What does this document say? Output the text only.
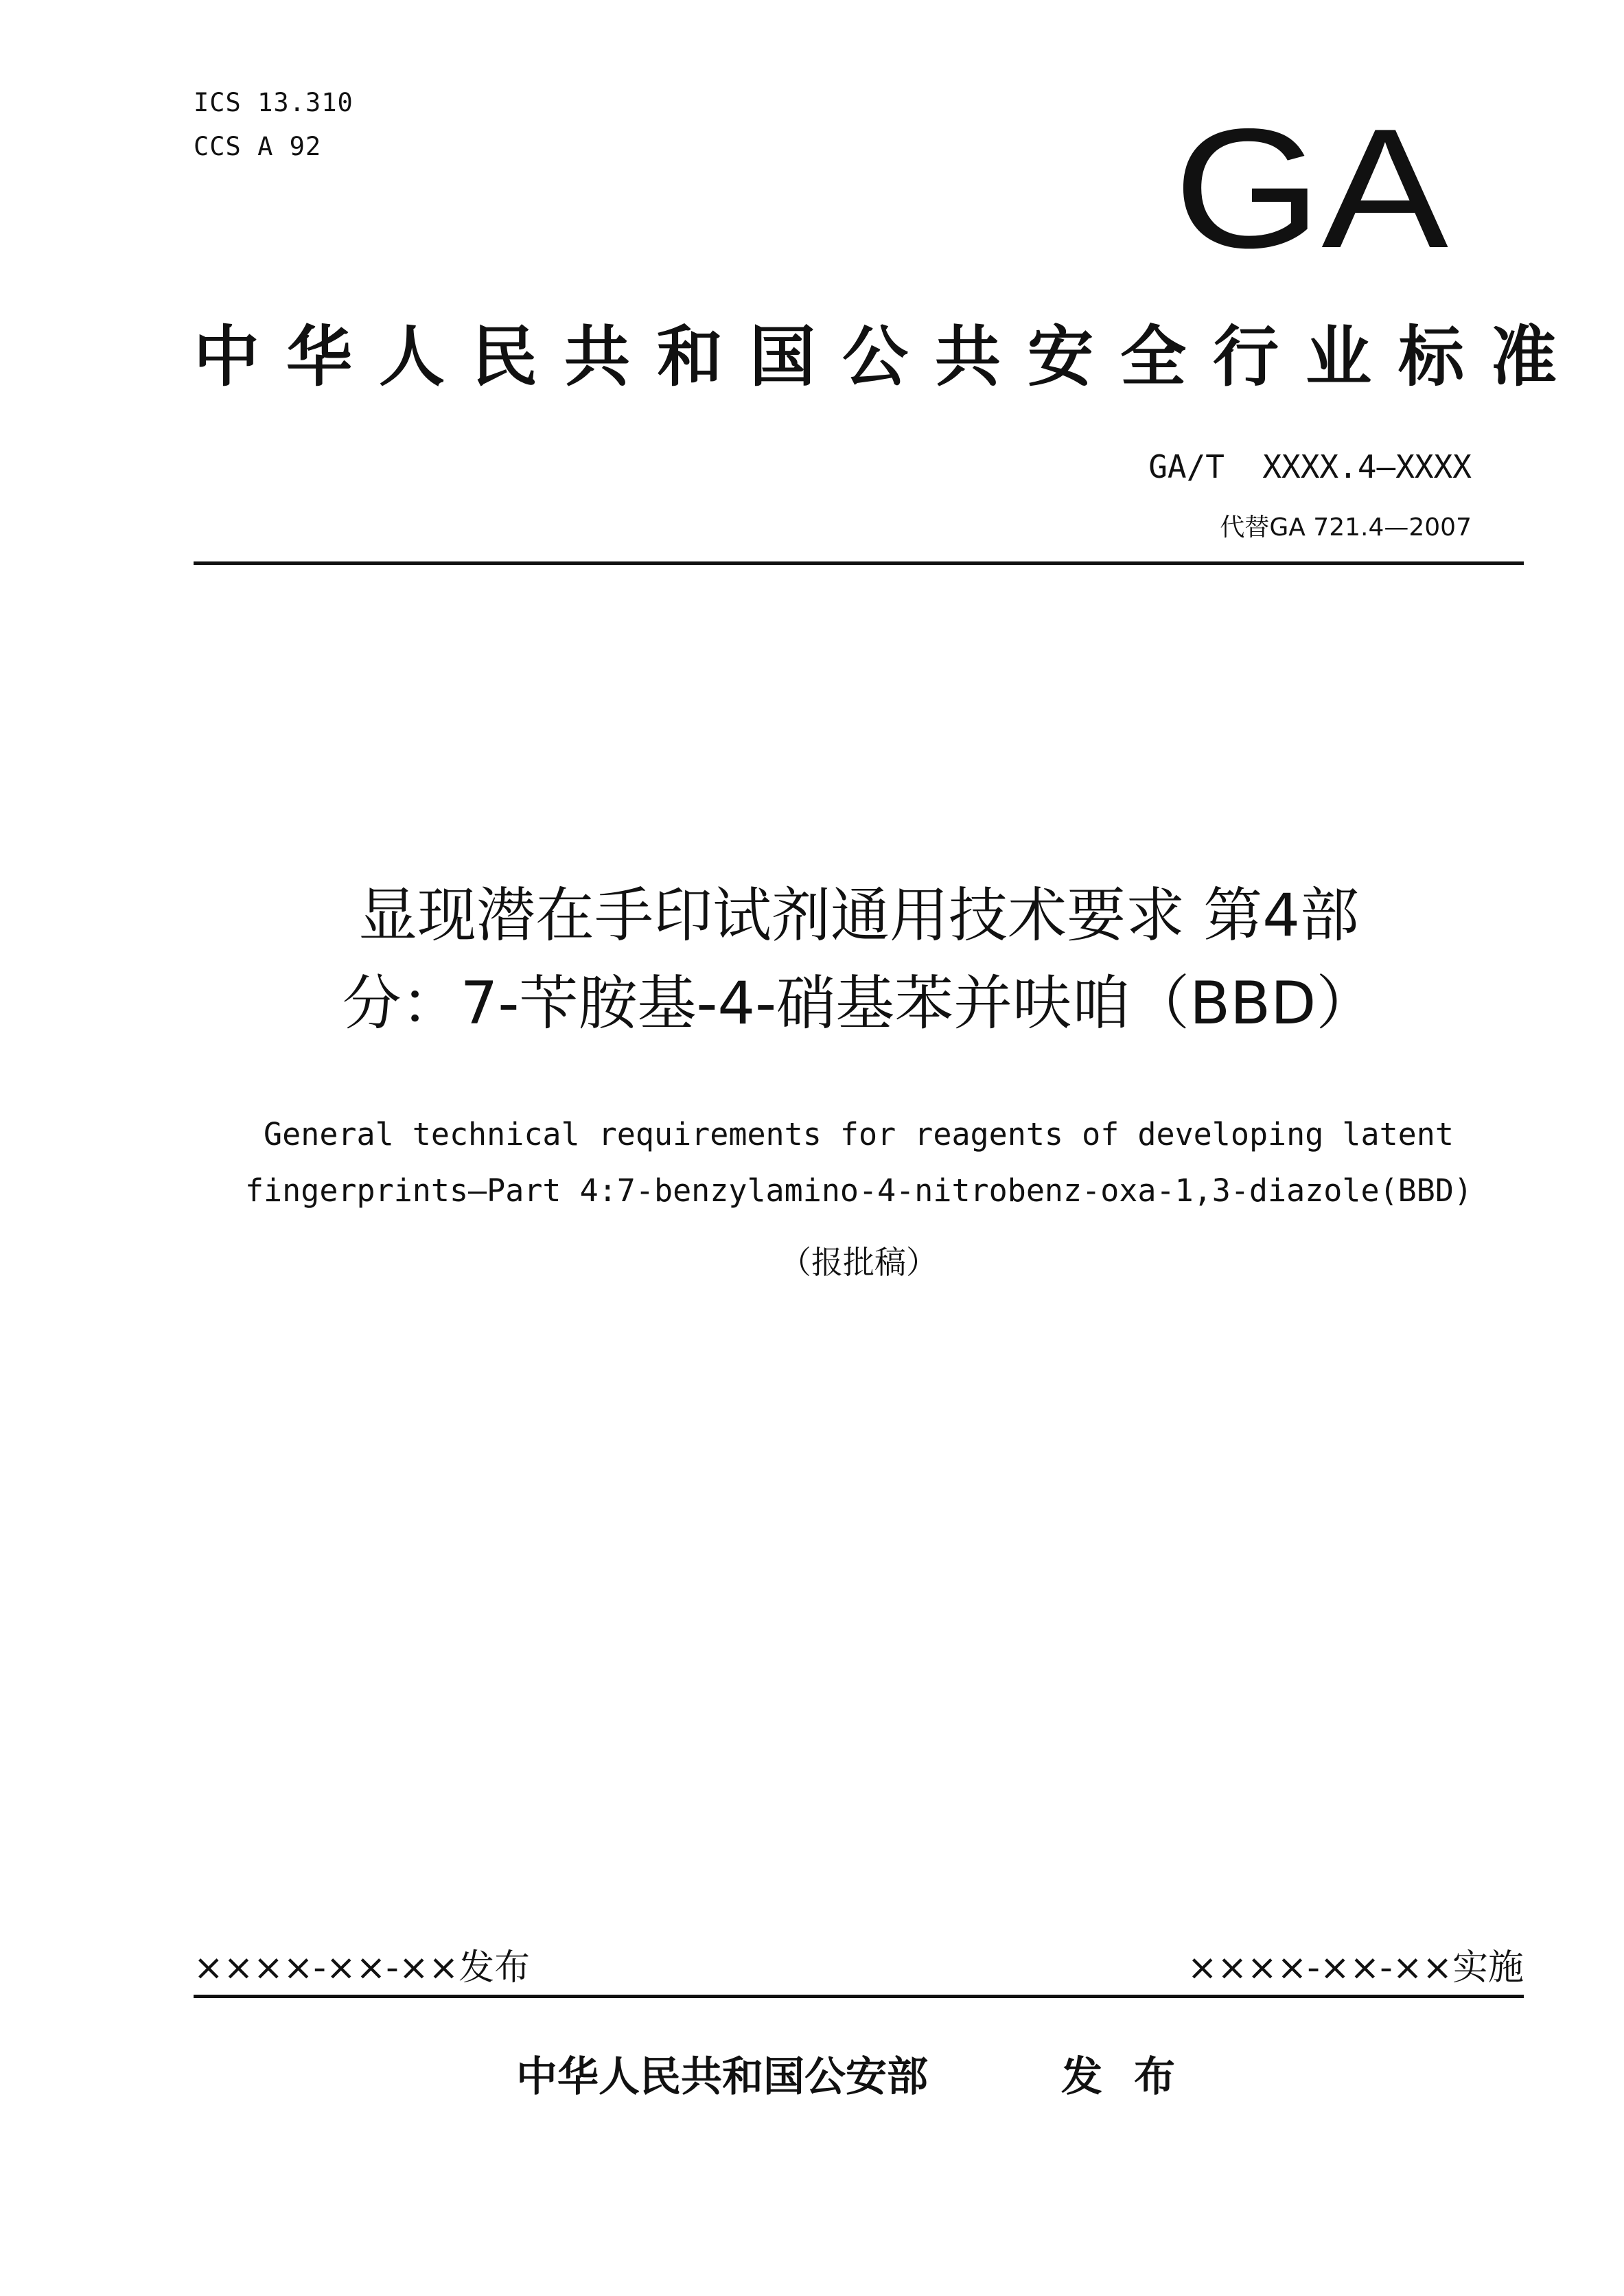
ICS 13.310
CCS A 92	GA
中华人民共和国公共安全行业标准
GA/T  XXXX.4—XXXX
代替GA 721.4—2007
显现潜在手印试剂通用技术要求 第4部
分：7-苄胺基-4-硝基苯并呋咱（BBD）
General technical requirements for reagents of developing latent
fingerprints—Part 4:7-benzylamino-4-nitrobenz-oxa-1,3-diazole(BBD)
（报批稿）
××××-××-××发布	××××-××-××实施
中华人民共和国公安部	发布
